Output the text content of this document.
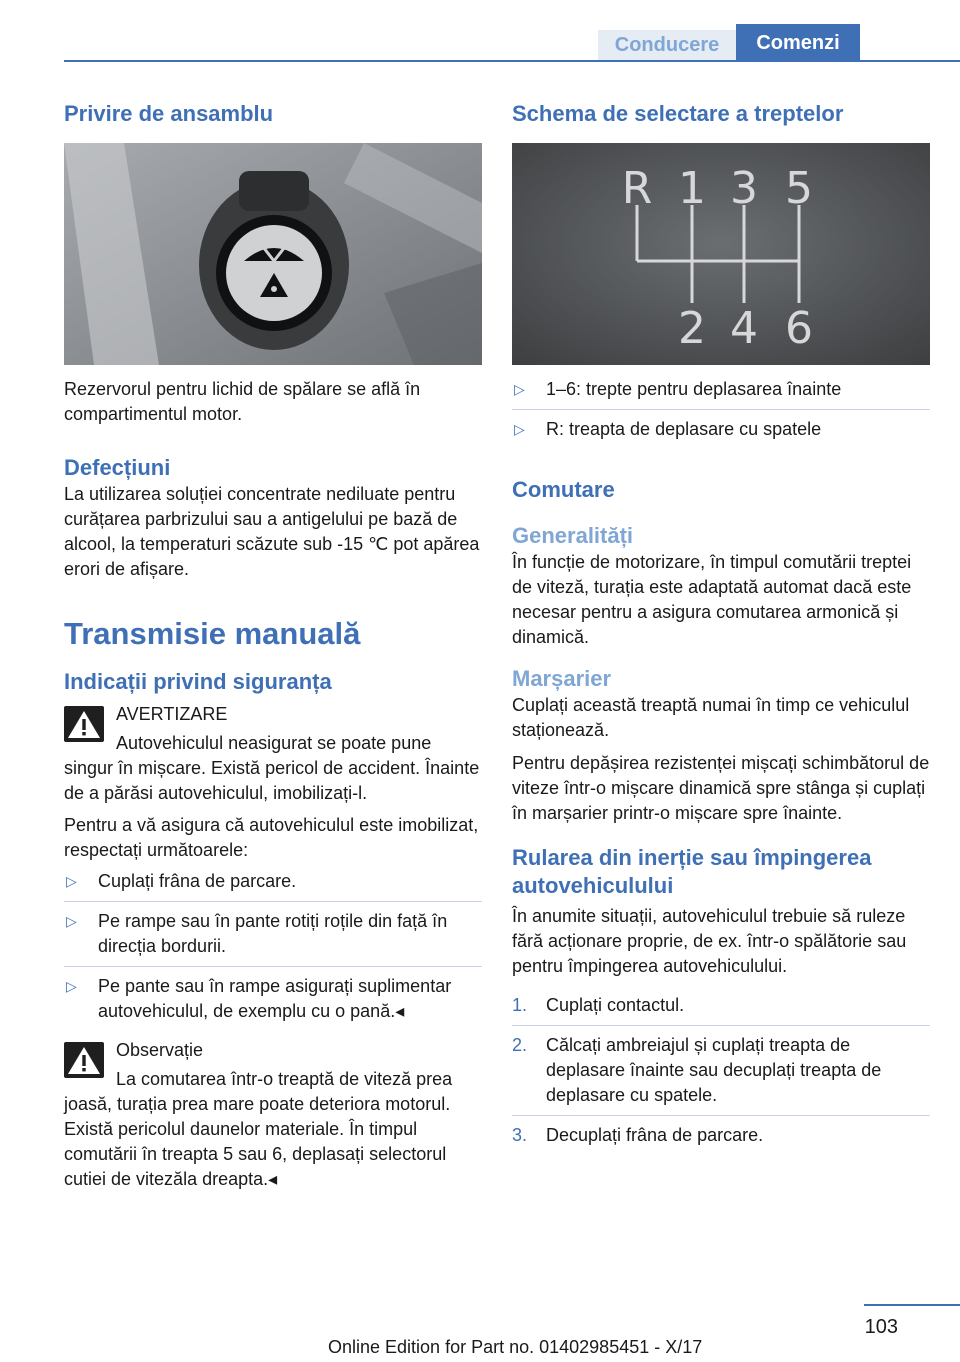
Conducere	Comenzi
Privire de ansamblu

Rezervorul pentru lichid de spălare se află în compartimentul motor.

Defecțiuni

La utilizarea soluției concentrate nediluate pentru curățarea parbrizului sau a antigelului pe bază de alcool, la temperaturi scăzute sub -15 ℃ pot apărea erori de afișare.

Transmisie manuală
Indicații privind siguranța
AVERTIZARE
Autovehiculul neasigurat se poate pune singur în mișcare. Există pericol de accident. Înainte de a părăsi autovehiculul, imobilizați-l.

Pentru a vă asigura că autovehiculul este imobilizat, respectați următoarele:

▷ Cuplați frâna de parcare.
▷ Pe rampe sau în pante rotiți roțile din față în direcția bordurii.
▷ Pe pante sau în rampe asigurați suplimentar autovehiculul, de exemplu cu o pană.◂
Observație
La comutarea într-o treaptă de viteză prea joasă, turația prea mare poate deteriora motorul. Există pericolul daunelor materiale. În timpul comutării în treapta 5 sau 6, deplasați selectorul cutiei de vitezăla dreapta.◂
Schema de selectare a treptelor
R 1 3 5
2 4 6
▷ 1–6: trepte pentru deplasarea înainte
▷ R: treapta de deplasare cu spatele
Comutare
Generalități

În funcție de motorizare, în timpul comutării treptei de viteză, turația este adaptată automat dacă este necesar pentru a asigura comutarea armonică și dinamică.

Marșarier

Cuplați această treaptă numai în timp ce vehiculul staționează.

Pentru depășirea rezistenței mișcați schimbătorul de viteze într-o mișcare dinamică spre stânga și cuplați în marșarier printr-o mișcare spre înainte.

Rularea din inerție sau împingerea autovehiculului

În anumite situații, autovehiculul trebuie să ruleze fără acționare proprie, de ex. într-o spălătorie sau pentru împingerea autovehiculului.

1. Cuplați contactul.
2. Călcați ambreiajul și cuplați treapta de deplasare înainte sau decuplați treapta de deplasare cu spatele.
3. Decuplați frâna de parcare.
103
Online Edition for Part no. 01402985451 - X/17
